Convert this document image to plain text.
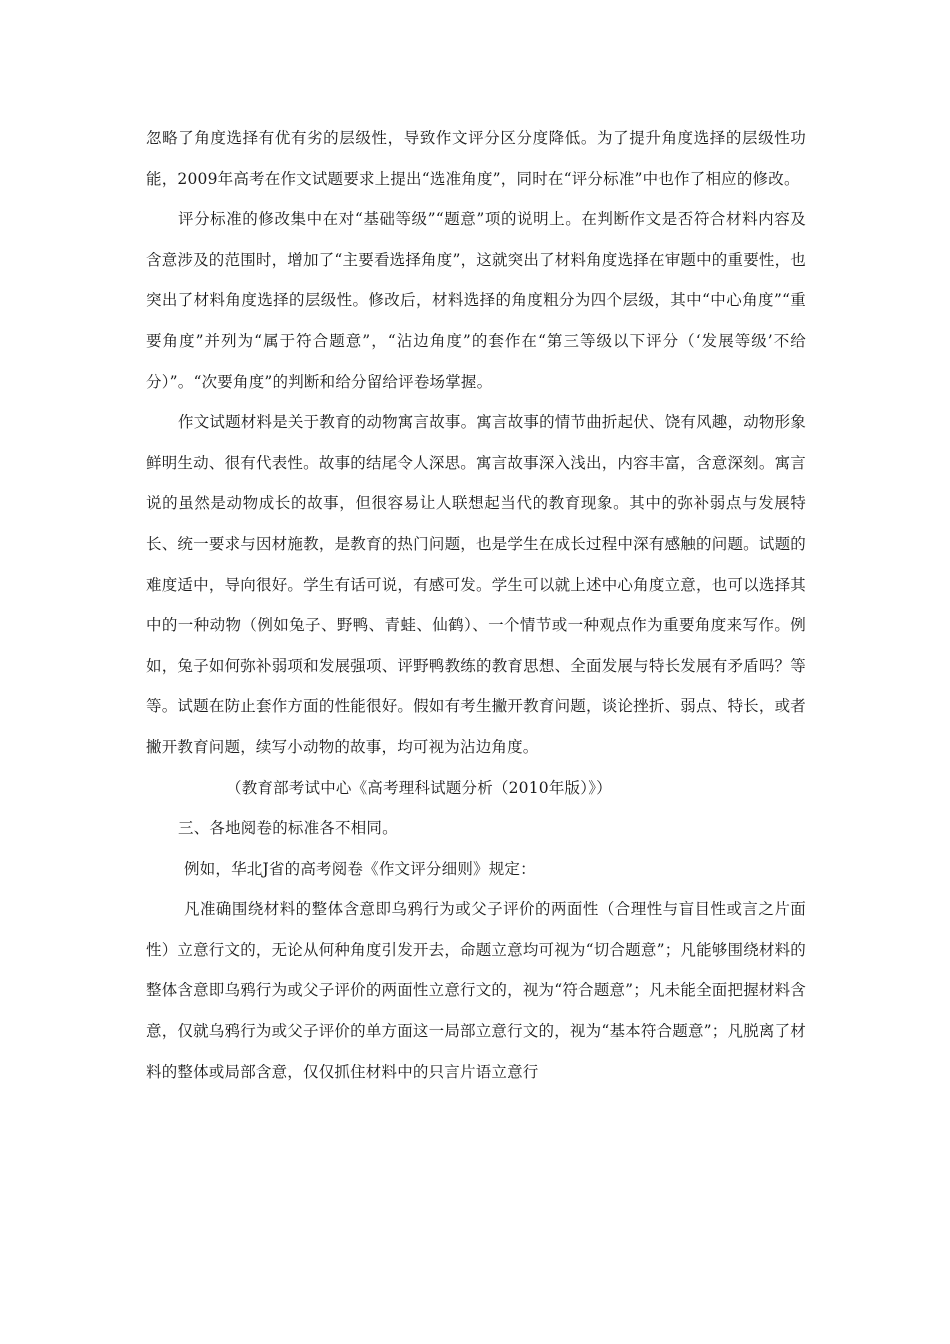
忽略了角度选择有优有劣的层级性，导致作文评分区分度降低。为了提升角度选择的层级性功能，2009年高考在作文试题要求上提出“选准角度”，同时在“评分标准”中也作了相应的修改。

评分标准的修改集中在对“基础等级”“题意”项的说明上。在判断作文是否符合材料内容及含意涉及的范围时，增加了“主要看选择角度”，这就突出了材料角度选择在审题中的重要性，也突出了材料角度选择的层级性。修改后，材料选择的角度粗分为四个层级，其中“中心角度”“重要角度”并列为“属于符合题意”，“沾边角度”的套作在“第三等级以下评分（‘发展等级’不给分）”。“次要角度”的判断和给分留给评卷场掌握。

作文试题材料是关于教育的动物寓言故事。寓言故事的情节曲折起伏、饶有风趣，动物形象鲜明生动、很有代表性。故事的结尾令人深思。寓言故事深入浅出，内容丰富，含意深刻。寓言说的虽然是动物成长的故事，但很容易让人联想起当代的教育现象。其中的弥补弱点与发展特长、统一要求与因材施教，是教育的热门问题，也是学生在成长过程中深有感触的问题。试题的难度适中，导向很好。学生有话可说，有感可发。学生可以就上述中心角度立意，也可以选择其中的一种动物（例如兔子、野鸭、青蛙、仙鹤）、一个情节或一种观点作为重要角度来写作。例如，兔子如何弥补弱项和发展强项、评野鸭教练的教育思想、全面发展与特长发展有矛盾吗？等等。试题在防止套作方面的性能很好。假如有考生撇开教育问题，谈论挫折、弱点、特长，或者撇开教育问题，续写小动物的故事，均可视为沾边角度。

（教育部考试中心《高考理科试题分析（2010年版）》）

三、各地阅卷的标准各不相同。

例如，华北J省的高考阅卷《作文评分细则》规定：

凡准确围绕材料的整体含意即乌鸦行为或父子评价的两面性（合理性与盲目性或言之片面性）立意行文的，无论从何种角度引发开去，命题立意均可视为“切合题意”；凡能够围绕材料的整体含意即乌鸦行为或父子评价的两面性立意行文的，视为“符合题意”；凡未能全面把握材料含意，仅就乌鸦行为或父子评价的单方面这一局部立意行文的，视为“基本符合题意”；凡脱离了材料的整体或局部含意，仅仅抓住材料中的只言片语立意行
